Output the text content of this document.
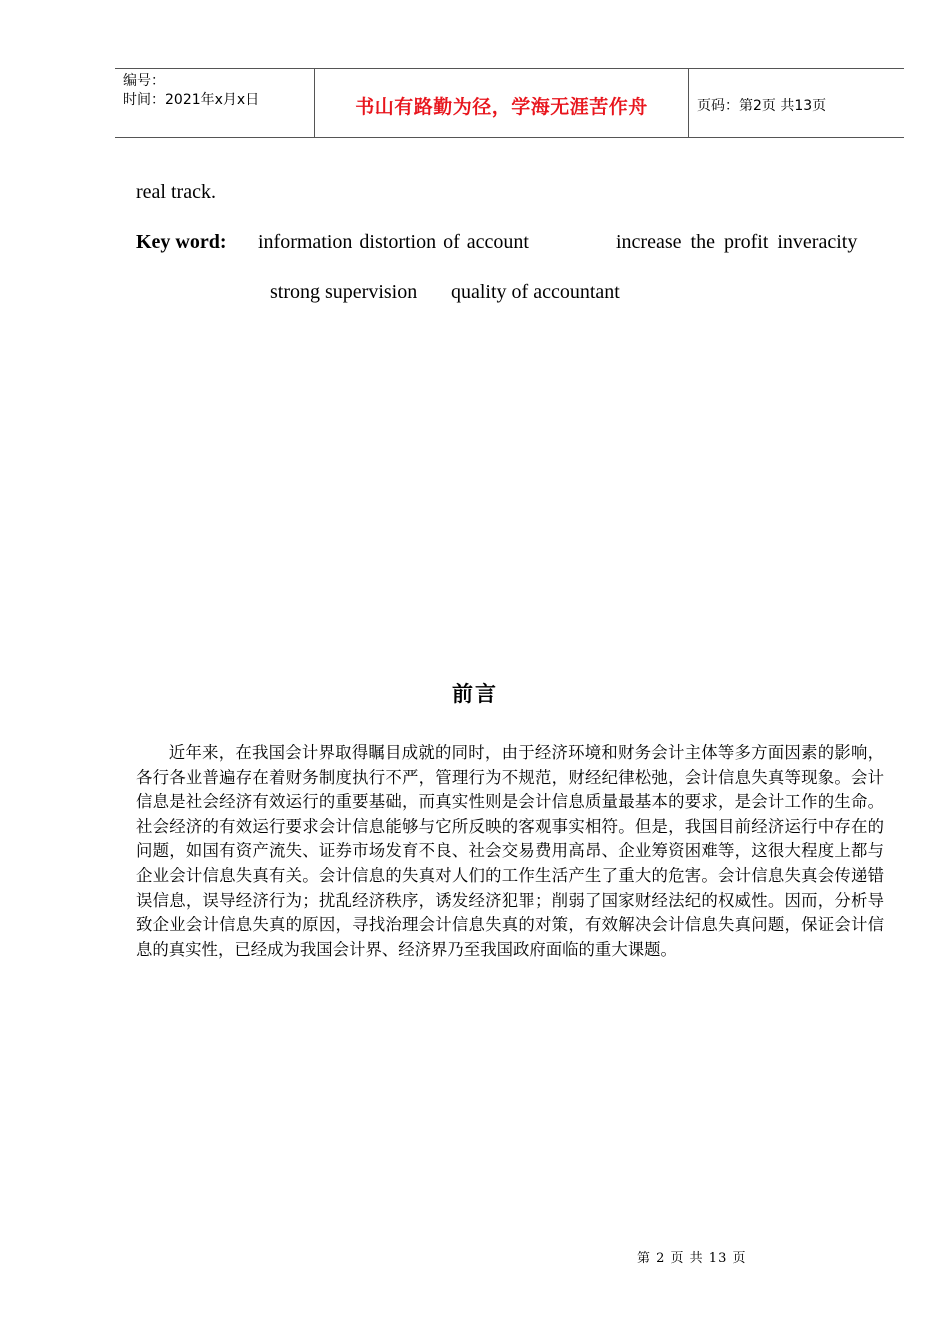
编号：
时间：2021年x月x日	书山有路勤为径，学海无涯苦作舟	页码：第2页 共13页
real track.
Key word: information distortion of account	increase the profit inveracity
strong supervision quality of accountant
前言

近年来，在我国会计界取得瞩目成就的同时，由于经济环境和财务会计主体等多方面因素的影响，各行各业普遍存在着财务制度执行不严，管理行为不规范，财经纪律松弛，会计信息失真等现象。会计信息是社会经济有效运行的重要基础，而真实性则是会计信息质量最基本的要求，是会计工作的生命。社会经济的有效运行要求会计信息能够与它所反映的客观事实相符。但是，我国目前经济运行中存在的问题，如国有资产流失、证券市场发育不良、社会交易费用高昂、企业筹资困难等，这很大程度上都与企业会计信息失真有关。会计信息的失真对人们的工作生活产生了重大的危害。会计信息失真会传递错误信息，误导经济行为；扰乱经济秩序，诱发经济犯罪；削弱了国家财经法纪的权威性。因而，分析导致企业会计信息失真的原因，寻找治理会计信息失真的对策，有效解决会计信息失真问题，保证会计信息的真实性，已经成为我国会计界、经济界乃至我国政府面临的重大课题。

第 2 页 共 13 页
